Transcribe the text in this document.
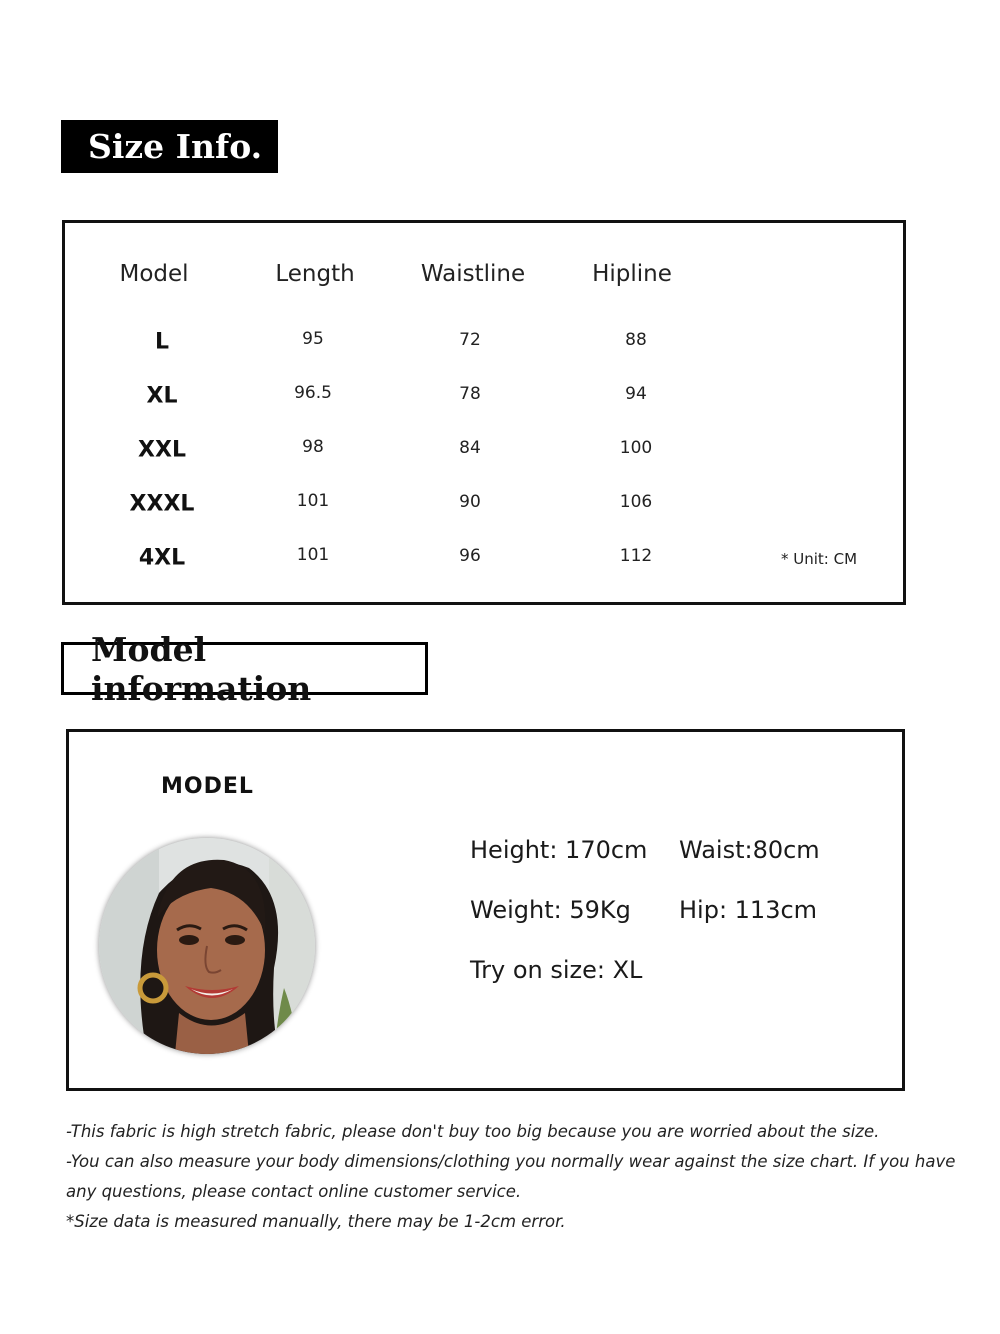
Size Info.
Model	Length	Waistline	Hipline
L	95	72	88
XL	96.5	78	94
XXL	98	84	100
XXXL	101	90	106
4XL	101	96	112	* Unit: CM
Model information
MODEL
Height: 170cm Waist:80cm
Weight: 59Kg Hip: 113cm
Try on size: XL
-This fabric is high stretch fabric, please don't buy too big because you are worried about the size.
-You can also measure your body dimensions/clothing you normally wear against the size chart. If you have
any questions, please contact online customer service.
*Size data is measured manually, there may be 1-2cm error.
